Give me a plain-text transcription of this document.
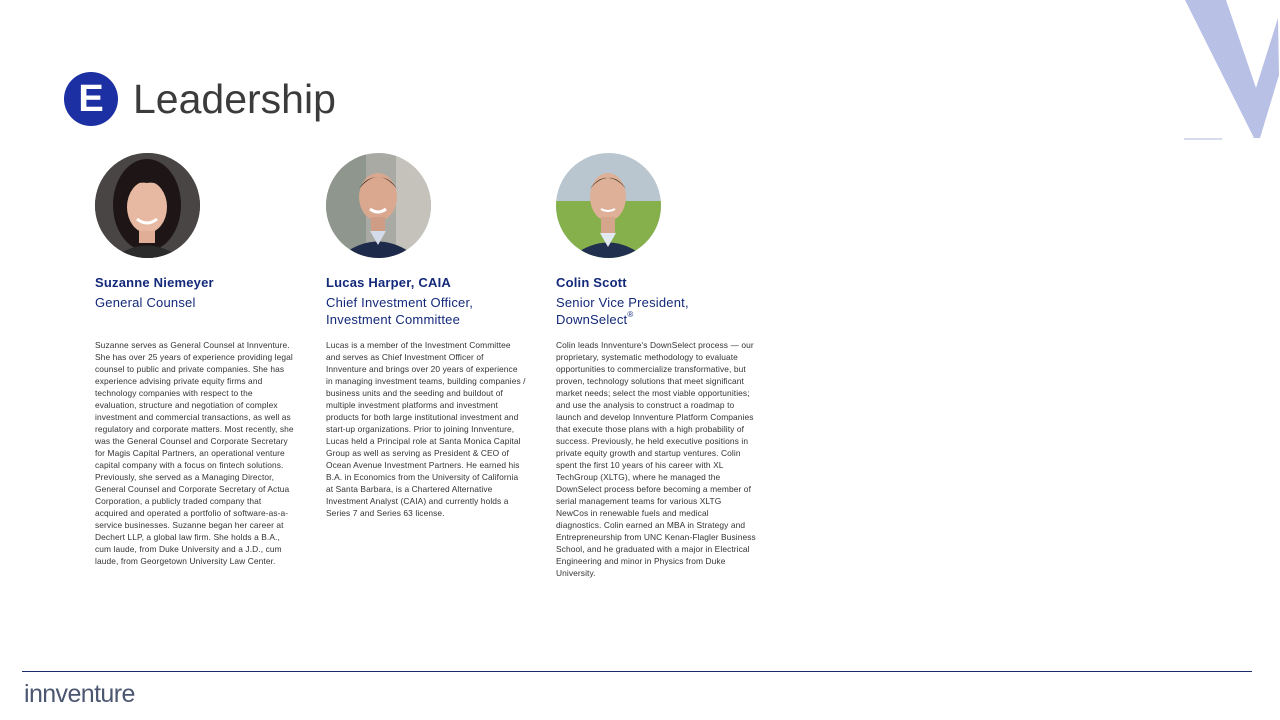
E Leadership
Suzanne Niemeyer
General Counsel
Suzanne serves as General Counsel at Innventure. She has over 25 years of experience providing legal counsel to public and private companies. She has experience advising private equity firms and technology companies with respect to the evaluation, structure and negotiation of complex investment and commercial transactions, as well as regulatory and corporate matters. Most recently, she was the General Counsel and Corporate Secretary for Magis Capital Partners, an operational venture capital company with a focus on fintech solutions. Previously, she served as a Managing Director, General Counsel and Corporate Secretary of Actua Corporation, a publicly traded company that acquired and operated a portfolio of software-as-a-service businesses. Suzanne began her career at Dechert LLP, a global law firm. She holds a B.A., cum laude, from Duke University and a J.D., cum laude, from Georgetown University Law Center.
Lucas Harper, CAIA
Chief Investment Officer, Investment Committee
Lucas is a member of the Investment Committee and serves as Chief Investment Officer of Innventure and brings over 20 years of experience in managing investment teams, building companies / business units and the seeding and buildout of multiple investment platforms and investment products for both large institutional investment and start-up organizations. Prior to joining Innventure, Lucas held a Principal role at Santa Monica Capital Group as well as serving as President & CEO of Ocean Avenue Investment Partners. He earned his B.A. in Economics from the University of California at Santa Barbara, is a Chartered Alternative Investment Analyst (CAIA) and currently holds a Series 7 and Series 63 license.
Colin Scott
Senior Vice President, DownSelect®
Colin leads Innventure's DownSelect process — our proprietary, systematic methodology to evaluate opportunities to commercialize transformative, but proven, technology solutions that meet significant market needs; select the most viable opportunities; and use the analysis to construct a roadmap to launch and develop Innventure Platform Companies that execute those plans with a high probability of success. Previously, he held executive positions in private equity growth and startup ventures. Colin spent the first 10 years of his career with XL TechGroup (XLTG), where he managed the DownSelect process before becoming a member of serial management teams for various XLTG NewCos in renewable fuels and medical diagnostics. Colin earned an MBA in Strategy and Entrepreneurship from UNC Kenan-Flagler Business School, and he graduated with a major in Electrical Engineering and minor in Physics from Duke University.
innventure
